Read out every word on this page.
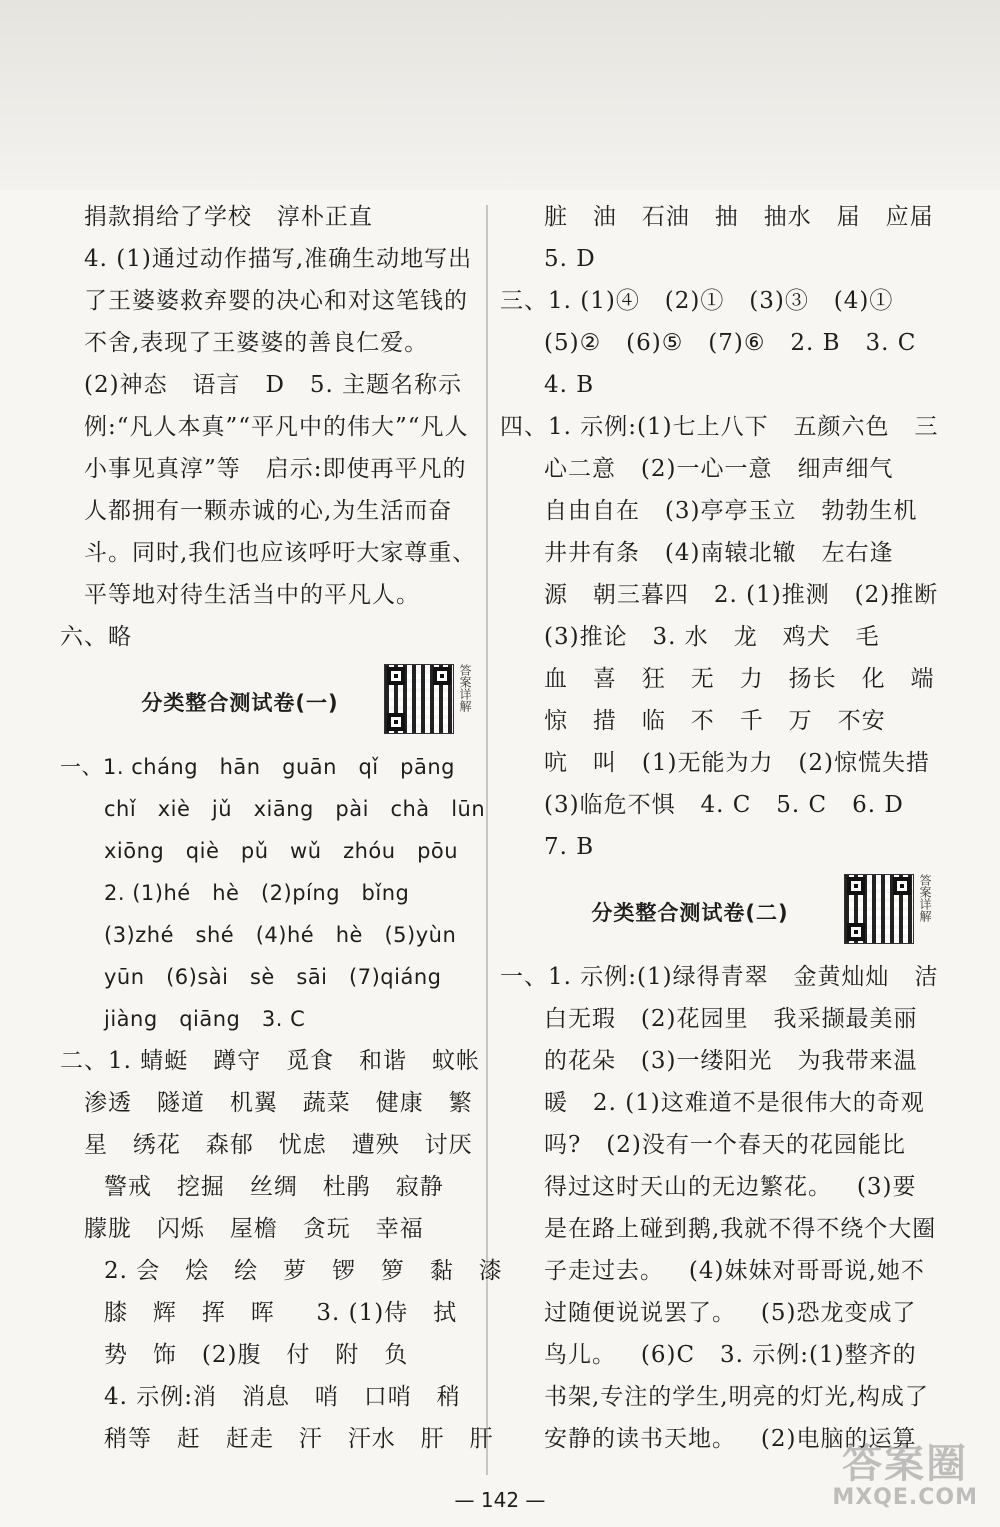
捐款捐给了学校   淳朴正直
4. (1)通过动作描写,准确生动地写出
了王婆婆救弃婴的决心和对这笔钱的
不舍,表现了王婆婆的善良仁爱。
(2)神态   语言   D   5. 主题名称示
例:“凡人本真”“平凡中的伟大”“凡人
小事见真淳”等   启示:即使再平凡的
人都拥有一颗赤诚的心,为生活而奋
斗。同时,我们也应该呼吁大家尊重、
平等地对待生活当中的平凡人。
六、略
分类整合测试卷(一)	答案详解
一、1. cháng   hān   guān   qǐ   pāng
chǐ   xiè   jǔ   xiāng   pài   chà   lūn
xiōng   qiè   pǔ   wǔ   zhóu   pōu
2. (1)hé   hè   (2)píng   bǐng
(3)zhé   shé   (4)hé   hè   (5)yùn
yūn   (6)sài   sè   sāi   (7)qiáng
jiàng   qiāng   3. C
二、1. 蜻蜓   蹲守   觅食   和谐   蚊帐
渗透   隧道   机翼   蔬菜   健康   繁
星   绣花   森郁   忧虑   遭殃   讨厌
警戒   挖掘   丝绸   杜鹃   寂静
朦胧   闪烁   屋檐   贪玩   幸福
2. 会   烩   绘   萝   锣   箩   黏   漆
膝   辉   挥   晖     3. (1)侍   拭
势   饰   (2)腹   付   附   负
4. 示例:消   消息   哨   口哨   稍
稍等   赶   赶走   汗   汗水   肝   肝
脏   油   石油   抽   抽水   届   应届
5. D
三、1. (1)④   (2)①   (3)③   (4)①
(5)②   (6)⑤   (7)⑥   2. B   3. C
4. B
四、1. 示例:(1)七上八下   五颜六色   三
心二意   (2)一心一意   细声细气
自由自在   (3)亭亭玉立   勃勃生机
井井有条   (4)南辕北辙   左右逢
源   朝三暮四   2. (1)推测   (2)推断
(3)推论   3. 水   龙   鸡犬   毛
血   喜   狂   无   力   扬长   化   端
惊   措   临   不   千   万   不安
吭   叫   (1)无能为力   (2)惊慌失措
(3)临危不惧   4. C   5. C   6. D
7. B
分类整合测试卷(二)	答案详解
一、1. 示例:(1)绿得青翠   金黄灿灿   洁
白无瑕   (2)花园里   我采撷最美丽
的花朵   (3)一缕阳光   为我带来温
暖   2. (1)这难道不是很伟大的奇观
吗?   (2)没有一个春天的花园能比
得过这时天山的无边繁花。   (3)要
是在路上碰到鹅,我就不得不绕个大圈
子走过去。   (4)妹妹对哥哥说,她不
过随便说说罢了。   (5)恐龙变成了
鸟儿。   (6)C   3. 示例:(1)整齐的
书架,专注的学生,明亮的灯光,构成了
安静的读书天地。   (2)电脑的运算
— 142 —
答案圈
MXQE.COM
